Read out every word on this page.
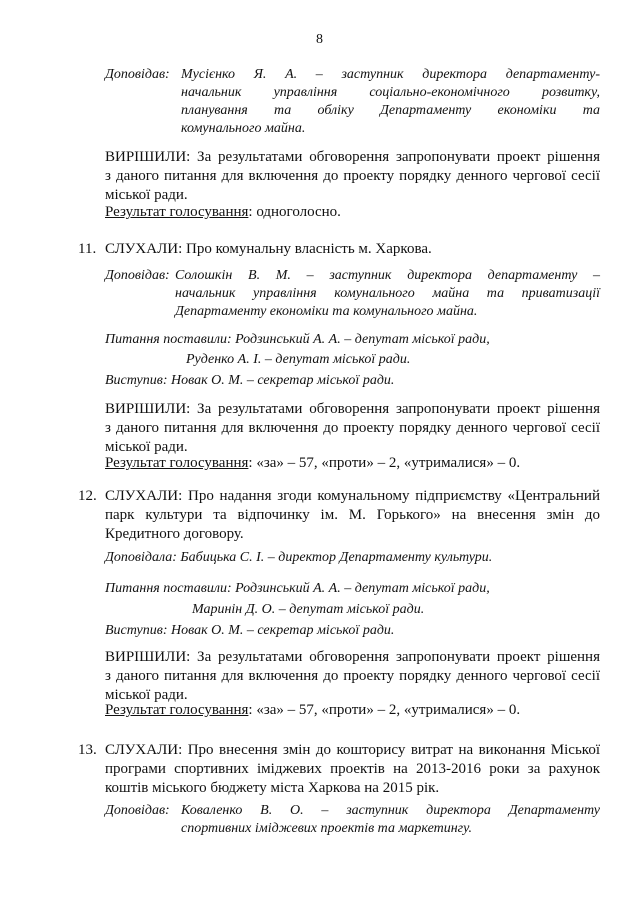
8
Доповідав: Мусієнко Я. А. – заступник директора департаменту-

начальник управління соціально-економічного розвитку,

планування та обліку Департаменту економіки та

комунального майна.

ВИРІШИЛИ: За результатами обговорення запропонувати проект рішення

з даного питання для включення до проекту порядку денного чергової сесії

міської ради.

Результат голосування: одноголосно.
11. СЛУХАЛИ: Про комунальну власність м. Харкова.

Доповідав: Солошкін В. М. – заступник директора департаменту –

начальник управління комунального майна та приватизації

Департаменту економіки та комунального майна.

Питання поставили: Родзинський А. А. – депутат міської ради,

Руденко А. І. – депутат міської ради.

Виступив: Новак О. М. – секретар міської ради.

ВИРІШИЛИ: За результатами обговорення запропонувати проект рішення

з даного питання для включення до проекту порядку денного чергової сесії

міської ради.

Результат голосування: «за» – 57, «проти» – 2, «утрималися» – 0.
12. СЛУХАЛИ: Про надання згоди комунальному підприємству «Центральний

парк культури та відпочинку ім. М. Горького» на внесення змін до

Кредитного договору.

Доповідала: Бабицька С. І. – директор Департаменту культури.

Питання поставили: Родзинський А. А. – депутат міської ради,

Маринін Д. О. – депутат міської ради.

Виступив: Новак О. М. – секретар міської ради.

ВИРІШИЛИ: За результатами обговорення запропонувати проект рішення

з даного питання для включення до проекту порядку денного чергової сесії

міської ради.

Результат голосування: «за» – 57, «проти» – 2, «утрималися» – 0.
13. СЛУХАЛИ: Про внесення змін до кошторису витрат на виконання Міської

програми спортивних іміджевих проектів на 2013-2016 роки за рахунок

коштів міського бюджету міста Харкова на 2015 рік.

Доповідав: Коваленко В. О. – заступник директора Департаменту

спортивних іміджевих проектів та маркетингу.
